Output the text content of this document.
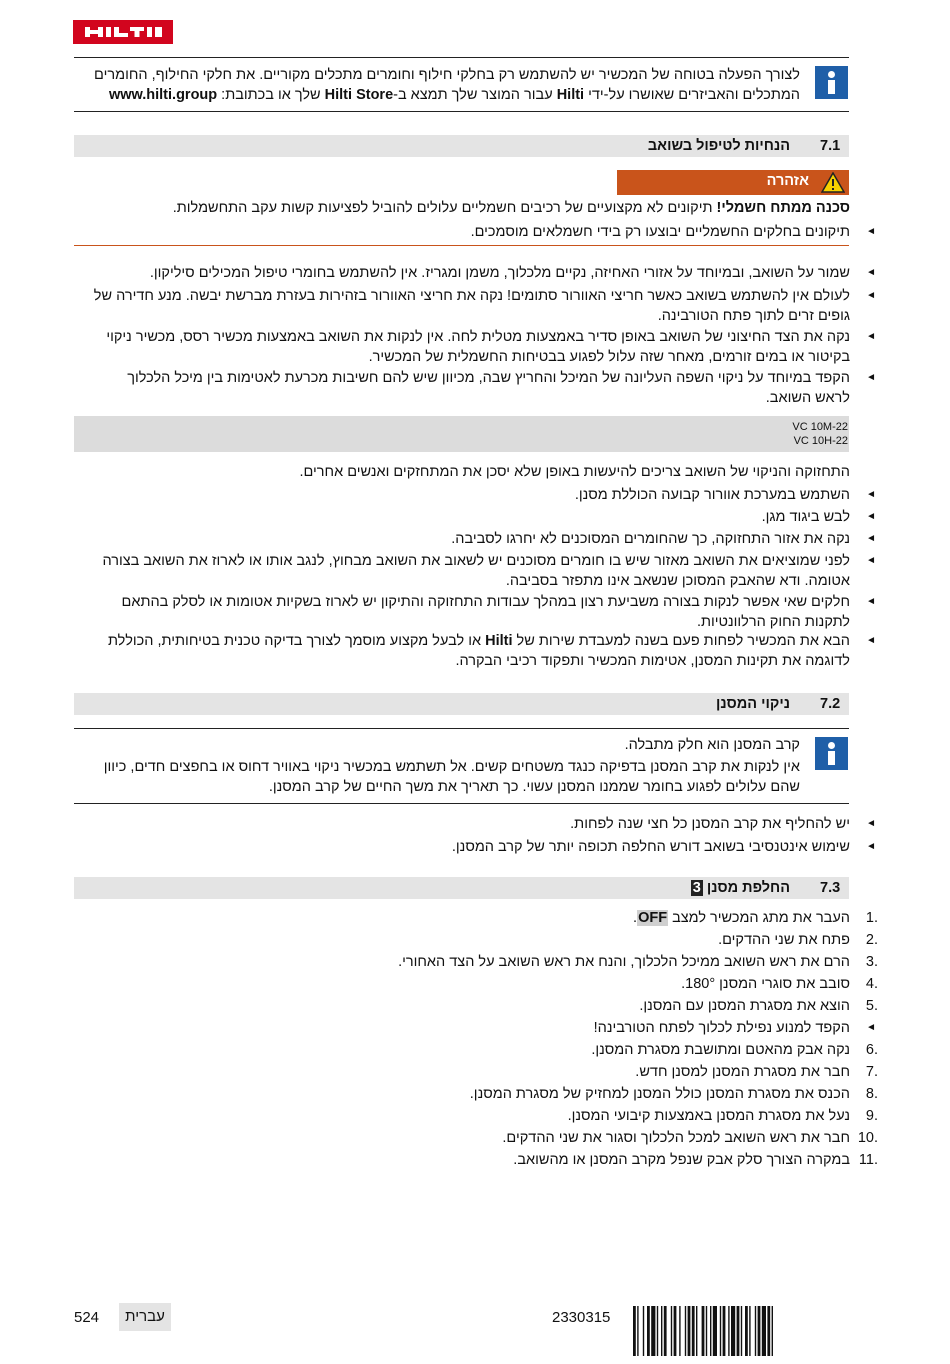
לצורך הפעלה בטוחה של המכשיר יש להשתמש רק בחלקי חילוף וחומרים מתכלים מקוריים. את חלקי החילוף, החומרים
המתכלים והאביזרים שאושרו על-ידי Hilti עבור המוצר שלך תמצא ב-Hilti Store שלך או בכתובת: www.hilti.group
7.1
הנחיות לטיפול בשואב
אזהרה
סכנה ממתח חשמלי! תיקונים לא מקצועיים של רכיבים חשמליים עלולים להוביל לפציעות קשות עקב התחשמלות.
◄
תיקונים בחלקים החשמליים יבוצעו רק בידי חשמלאים מוסמכים.
◄
שמור על השואב, ובמיוחד על אזורי האחיזה, נקיים מלכלוך, משמן ומגריז. אין להשתמש בחומרי טיפול המכילים סיליקון.
◄
לעולם אין להשתמש בשואב כאשר חריצי האוורור סתומים! נקה את חריצי האוורור בזהירות בעזרת מברשת יבשה. מנע חדירה של גופים זרים לתוך פתח הטורבינה.
◄
נקה את הצד החיצוני של השואב באופן סדיר באמצעות מטלית לחה. אין לנקות את השואב באמצעות מכשיר רסס, מכשיר ניקוי בקיטור או במים זורמים, מאחר שזה עלול לפגוע בבטיחות החשמלית של המכשיר.
◄
הקפד במיוחד על ניקוי השפה העליונה של המיכל והחריץ שבה, מכיוון שיש להם חשיבות מכרעת לאטימות בין מיכל הלכלוך לראש השואב.
VC 10M-22
VC 10H-22
התחזוקה והניקוי של השואב צריכים להיעשות באופן שלא יסכן את המתחזקים ואנשים אחרים.
◄
השתמש במערכת אוורור קבועה הכוללת מסנן.
◄
לבש ביגוד מגן.
◄
נקה את אזור התחזוקה, כך שהחומרים המסוכנים לא יחרגו לסביבה.
◄
לפני שמוציאים את השואב מאזור שיש בו חומרים מסוכנים יש לשאוב את השואב מבחוץ, לנגב אותו או לארוז את השואב בצורה אטומה. ודא שהאבק המסוכן שנשאב אינו מתפזר בסביבה.
◄
חלקים שאי אפשר לנקות בצורה משביעת רצון במהלך עבודות התחזוקה והתיקון יש לארוז בשקיות אטומות או לסלק בהתאם לתקנות החוק הרלוונטיות.
◄
הבא את המכשיר לפחות פעם בשנה למעבדת שירות של Hilti או לבעל מקצוע מוסמך לצורך בדיקה טכנית בטיחותית, הכוללת לדוגמה את תקינות המסנן, אטימות המכשיר ותפקוד רכיבי הבקרה.
7.2
ניקוי המסנן
קרב המסנן הוא חלק מתבלה.
אין לנקות את קרב המסנן בדפיקה כנגד משטחים קשים. אל תשתמש במכשיר ניקוי באוויר דחוס או בחפצים חדים, כיוון
שהם עלולים לפגוע בחומר שממנו המסנן עשוי. כך תאריך את משך החיים של קרב המסנן.
◄
יש להחליף את קרב המסנן כל חצי שנה לפחות.
◄
שימוש אינטנסיבי בשואב דורש החלפה תכופה יותר של קרב המסנן.
7.3
החלפת מסנן 3
1.
העבר את מתג המכשיר למצב OFF.
2.
פתח את שני ההדקים.
3.
הרם את ראש השואב ממיכל הלכלוך, והנח את ראש השואב על הצד האחורי.
4.
סובב את סוגרי המסנן 180°.
5.
הוצא את מסגרת המסנן עם המסנן.
◄
הקפד למנוע נפילת לכלוך לפתח הטורבינה!
6.
נקה אבק מהאטם ומתושבת מסגרת המסנן.
7.
חבר את מסגרת המסנן למסנן חדש.
8.
הכנס את מסגרת המסנן כולל המסנן למחזיק של מסגרת המסנן.
9.
נעל את מסגרת המסנן באמצעות קיבועי המסנן.
10.
חבר את ראש השואב למכל הלכלוך וסגור את שני ההדקים.
11.
במקרה הצורך סלק אבק שנפל מקרב המסנן או מהשואב.
524	עברית	2330315
